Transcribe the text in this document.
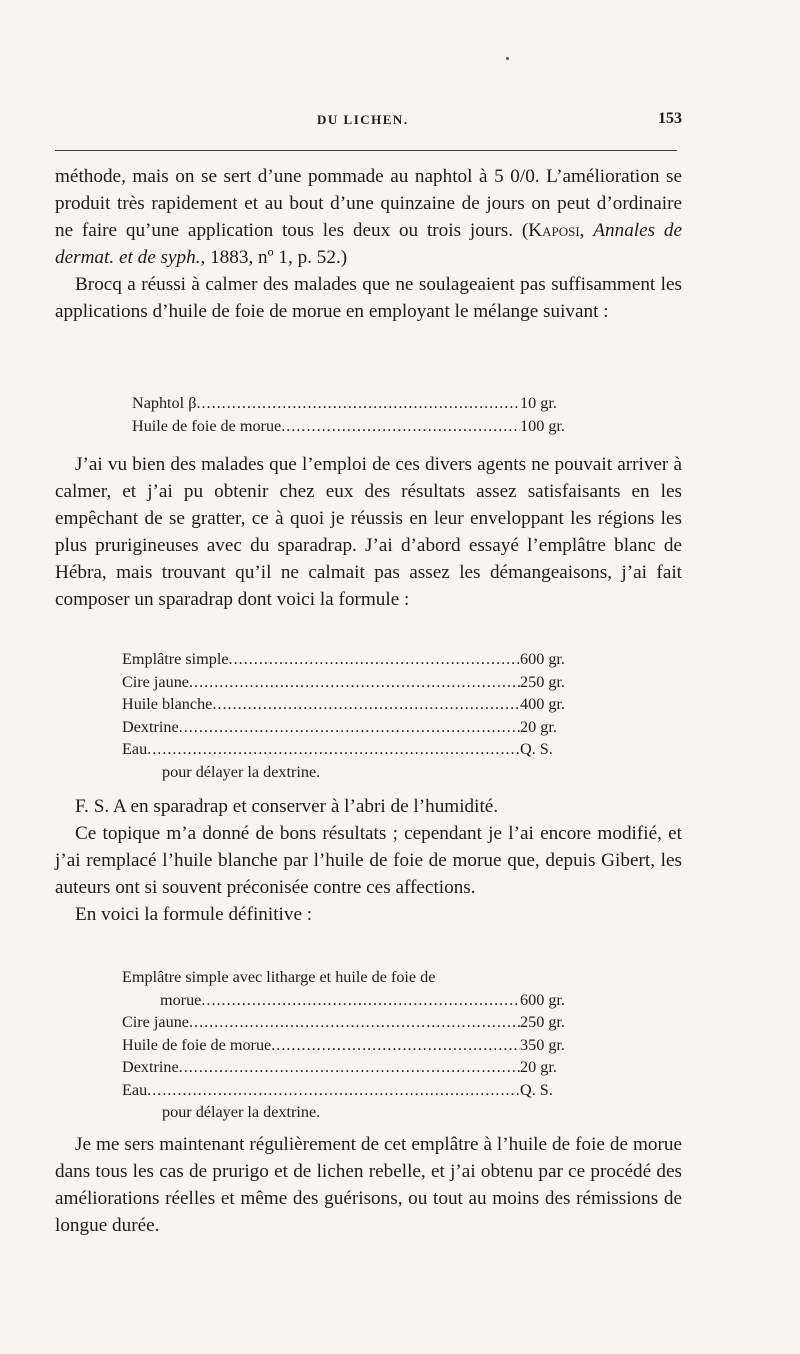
DU LICHEN.	153

méthode, mais on se sert d’une pommade au naphtol à 5 0/0. L’amélioration se produit très rapidement et au bout d’une quinzaine de jours on peut d’ordinaire ne faire qu’une application tous les deux ou trois jours. (Kaposi, Annales de dermat. et de syph., 1883, nº 1, p. 52.)

Brocq a réussi à calmer des malades que ne soulageaient pas suffisamment les applications d’huile de foie de morue en employant le mélange suivant :

Naphtol β .....	10 gr.
Huile de foie de morue .....	100 gr.

J’ai vu bien des malades que l’emploi de ces divers agents ne pouvait arriver à calmer, et j’ai pu obtenir chez eux des résultats assez satisfaisants en les empêchant de se gratter, ce à quoi je réussis en leur enveloppant les régions les plus prurigineuses avec du sparadrap. J’ai d’abord essayé l’emplâtre blanc de Hébra, mais trouvant qu’il ne calmait pas assez les démangeaisons, j’ai fait composer un sparadrap dont voici la formule :

Emplâtre simple .....	600 gr.
Cire jaune .....	250 gr.
Huile blanche .....	400 gr.
Dextrine .....	20 gr.
Eau .....	Q. S.
pour délayer la dextrine.

F. S. A en sparadrap et conserver à l’abri de l’humidité.

Ce topique m’a donné de bons résultats ; cependant je l’ai encore modifié, et j’ai remplacé l’huile blanche par l’huile de foie de morue que, depuis Gibert, les auteurs ont si souvent préconisée contre ces affections.

En voici la formule définitive :

Emplâtre simple avec litharge et huile de foie de
morue .....	600 gr.
Cire jaune .....	250 gr.
Huile de foie de morue .....	350 gr.
Dextrine .....	20 gr.
Eau .....	Q. S.
pour délayer la dextrine.

Je me sers maintenant régulièrement de cet emplâtre à l’huile de foie de morue dans tous les cas de prurigo et de lichen rebelle, et j’ai obtenu par ce procédé des améliorations réelles et même des guérisons, ou tout au moins des rémissions de longue durée.
